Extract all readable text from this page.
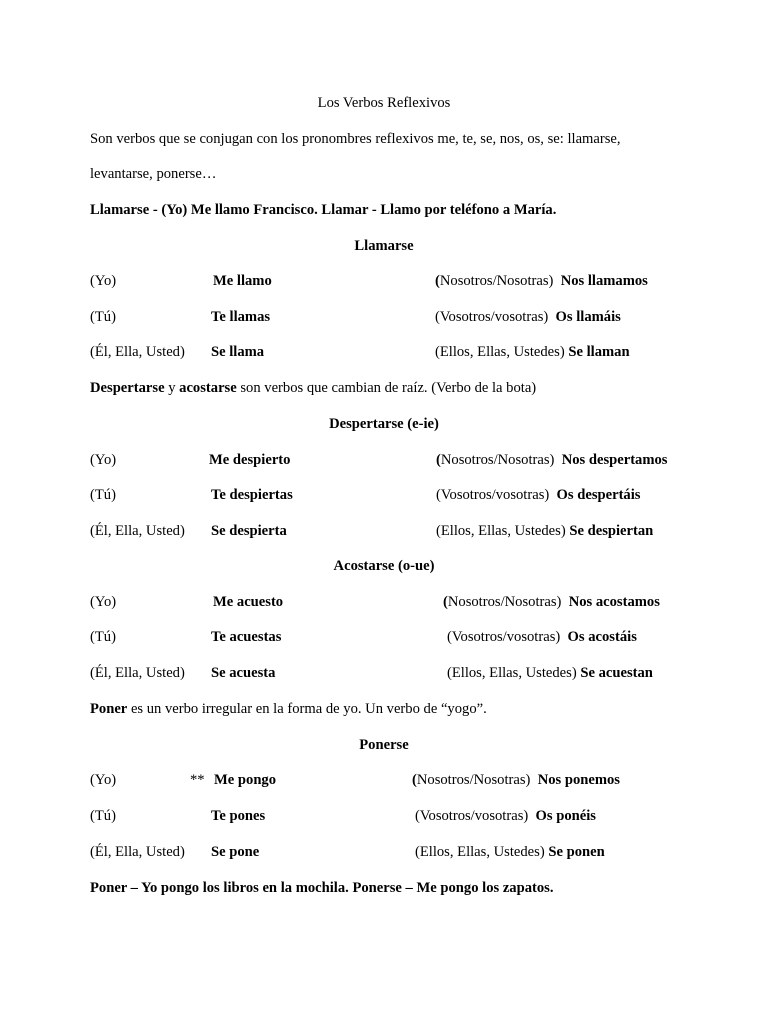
Los Verbos Reflexivos
Son verbos que se conjugan con los pronombres reflexivos me, te, se, nos, os, se: llamarse,
levantarse, ponerse…
Llamarse - (Yo) Me llamo Francisco. Llamar - Llamo por teléfono a María.
Llamarse
(Yo)	Me llamo	(Nosotros/Nosotras) Nos llamamos
(Tú)	Te llamas	(Vosotros/vosotras) Os llamáis
(Él, Ella, Usted) Se llama	(Ellos, Ellas, Ustedes) Se llaman
Despertarse y acostarse son verbos que cambian de raíz. (Verbo de la bota)
Despertarse (e-ie)
(Yo)	Me despierto	(Nosotros/Nosotras) Nos despertamos
(Tú)	Te despiertas	(Vosotros/vosotras) Os despertáis
(Él, Ella, Usted) Se despierta	(Ellos, Ellas, Ustedes) Se despiertan
Acostarse (o-ue)
(Yo)	Me acuesto	(Nosotros/Nosotras) Nos acostamos
(Tú)	Te acuestas	(Vosotros/vosotras) Os acostáis
(Él, Ella, Usted) Se acuesta	(Ellos, Ellas, Ustedes) Se acuestan
Poner es un verbo irregular en la forma de yo. Un verbo de “yogo”.
Ponerse
(Yo)	** Me pongo	(Nosotros/Nosotras) Nos ponemos
(Tú)	Te pones	(Vosotros/vosotras) Os ponéis
(Él, Ella, Usted) Se pone	(Ellos, Ellas, Ustedes) Se ponen
Poner – Yo pongo los libros en la mochila. Ponerse – Me pongo los zapatos.
